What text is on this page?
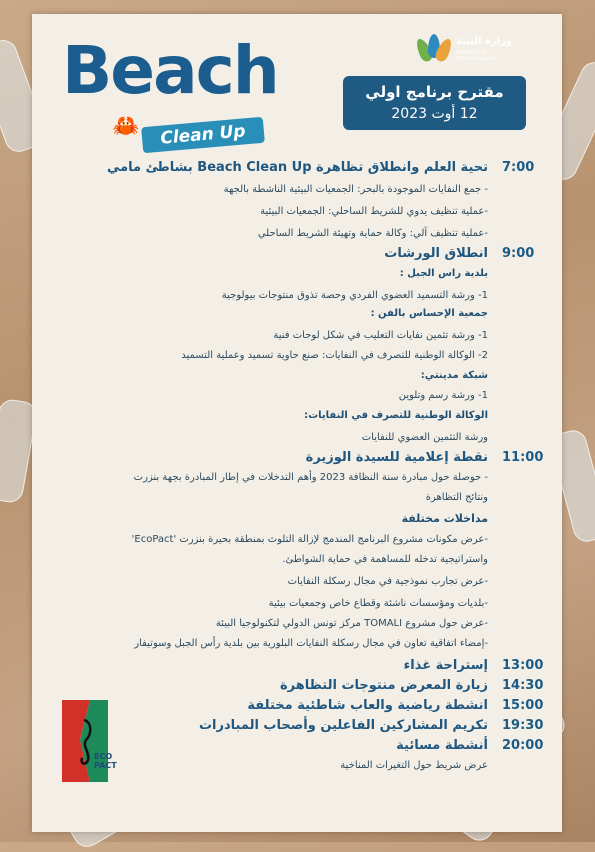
Beach
🦀	Clean Up
وزارة البيئة
Ministère de l'Environnement
مقترح برنامج اولي
12 أوت 2023
7:00
تحية العلم وانطلاق تظاهرة Beach Clean Up بشاطئ مامي
- جمع النفايات الموجودة بالبحر: الجمعيات البيئية الناشطة بالجهة
-عملية تنظيف يدوي للشريط الساحلي: الجمعيات البيئية
-عملية تنظيف آلي: وكالة حماية وتهيئة الشريط الساحلي
9:00
انطلاق الورشات
بلدية راس الجبل :
1- ورشة التسميد العضوي الفردي وحصة تذوق منتوجات بيولوجية
جمعية الإحساس بالفن :
1- ورشة تثمين نفايات التعليب في شكل لوحات فنية
2- الوكالة الوطنية للتصرف في النفايات: صنع حاوية تسميد وعملية التسميد
شبكة مدينتي:
1- ورشة رسم وتلوين
الوكالة الوطنية للتصرف في النفايات:
ورشة التثمين العضوي للنفايات
11:00
نقطة إعلامية للسيدة الوزيرة
- حوصلة حول مبادرة سنة النظافة 2023 وأهم التدخلات في إطار المبادرة بجهة بنزرت
ونتائج التظاهرة
مداخلات مختلفة
-عرض مكونات مشروع البرنامج المندمج لإزالة التلوث بمنطقة بحيرة بنزرت 'EcoPact'
واستراتيجية تدخله للمساهمة في حماية الشواطئ.
-عرض تجارب نموذجية في مجال رسكلة النفايات
-بلديات ومؤسسات ناشئة وقطاع خاص وجمعيات بيئية
-عرض حول مشروع TOMALI مركز تونس الدولي لتكنولوجيا البيئة
-إمضاء اتفاقية تعاون في مجال رسكلة النفايات البلورية بين بلدية رأس الجبل وسوتيفار
13:00
إستراحة غذاء
14:30
زيارة المعرض منتوجات التظاهرة
15:00
انشطة رياضية والعاب شاطئية مختلفة
19:30
تكريم المشاركين الفاعلين وأصحاب المبادرات
20:00
أنشطة مسائية
عرض شريط حول التغيرات المناخية
ECO
PACT
